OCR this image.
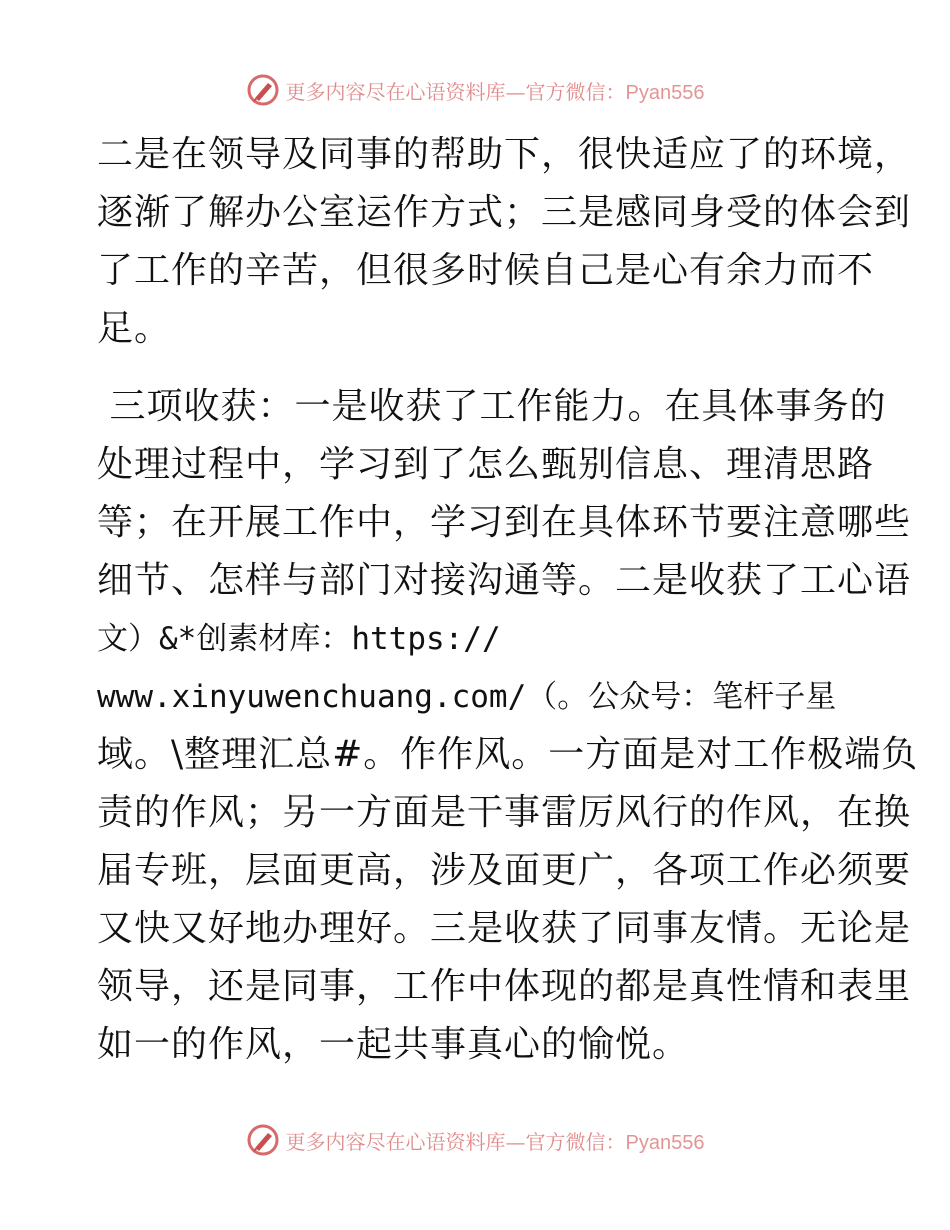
更多内容尽在心语资料库—官方微信：Pyan556
二是在领导及同事的帮助下，很快适应了的环境，
逐渐了解办公室运作方式；三是感同身受的体会到
了工作的辛苦，但很多时候自己是心有余力而不
足。
三项收获：一是收获了工作能力。在具体事务的
处理过程中，学习到了怎么甄别信息、理清思路
等；在开展工作中，学习到在具体环节要注意哪些
细节、怎样与部门对接沟通等。二是收获了工心语
文）&*创素材库：https://
www.xinyuwenchuang.com/（。公众号：笔杆子星
域。\整理汇总#。作作风。一方面是对工作极端负
责的作风；另一方面是干事雷厉风行的作风，在换
届专班，层面更高，涉及面更广，各项工作必须要
又快又好地办理好。三是收获了同事友情。无论是
领导，还是同事，工作中体现的都是真性情和表里
如一的作风，一起共事真心的愉悦。
更多内容尽在心语资料库—官方微信：Pyan556
